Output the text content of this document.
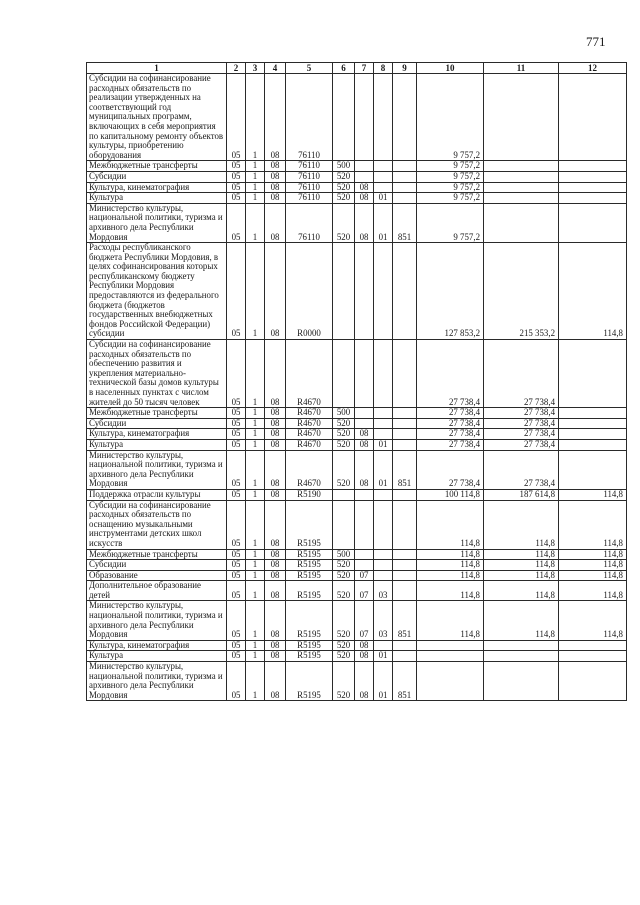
771
1	2	3	4	5	6	7	8	9	10	11	12
Субсидии на софинансирование расходных обязательств по реализации утвержденных на соответствующий год муниципальных программ, включающих в себя мероприятия по капитальному ремонту объектов культуры, приобретению оборудования	05	1	08	76110					9 757,2		
Межбюджетные трансферты	05	1	08	76110	500				9 757,2		
Субсидии	05	1	08	76110	520				9 757,2		
Культура, кинематография	05	1	08	76110	520	08			9 757,2		
Культура	05	1	08	76110	520	08	01		9 757,2		
Министерство культуры, национальной политики, туризма и архивного дела Республики Мордовия	05	1	08	76110	520	08	01	851	9 757,2		
Расходы республиканского бюджета Республики Мордовия, в целях софинансирования которых республиканскому бюджету Республики Мордовия предоставляются из федерального бюджета (бюджетов государственных внебюджетных фондов Российской Федерации) субсидии	05	1	08	R0000					127 853,2	215 353,2	114,8
Субсидии на софинансирование расходных обязательств по обеспечению развития и укрепления материально-технической базы домов культуры в населенных пунктах с числом жителей до 50 тысяч человек	05	1	08	R4670					27 738,4	27 738,4	
Межбюджетные трансферты	05	1	08	R4670	500				27 738,4	27 738,4	
Субсидии	05	1	08	R4670	520				27 738,4	27 738,4	
Культура, кинематография	05	1	08	R4670	520	08			27 738,4	27 738,4	
Культура	05	1	08	R4670	520	08	01		27 738,4	27 738,4	
Министерство культуры, национальной политики, туризма и архивного дела Республики Мордовия	05	1	08	R4670	520	08	01	851	27 738,4	27 738,4	
Поддержка отрасли культуры	05	1	08	R5190					100 114,8	187 614,8	114,8
Субсидии на софинансирование расходных обязательств по оснащению музыкальными инструментами детских школ искусств	05	1	08	R5195					114,8	114,8	114,8
Межбюджетные трансферты	05	1	08	R5195	500				114,8	114,8	114,8
Субсидии	05	1	08	R5195	520				114,8	114,8	114,8
Образование	05	1	08	R5195	520	07			114,8	114,8	114,8
Дополнительное образование детей	05	1	08	R5195	520	07	03		114,8	114,8	114,8
Министерство культуры, национальной политики, туризма и архивного дела Республики Мордовия	05	1	08	R5195	520	07	03	851	114,8	114,8	114,8
Культура, кинематография	05	1	08	R5195	520	08					
Культура	05	1	08	R5195	520	08	01				
Министерство культуры, национальной политики, туризма и архивного дела Республики Мордовия	05	1	08	R5195	520	08	01	851			
